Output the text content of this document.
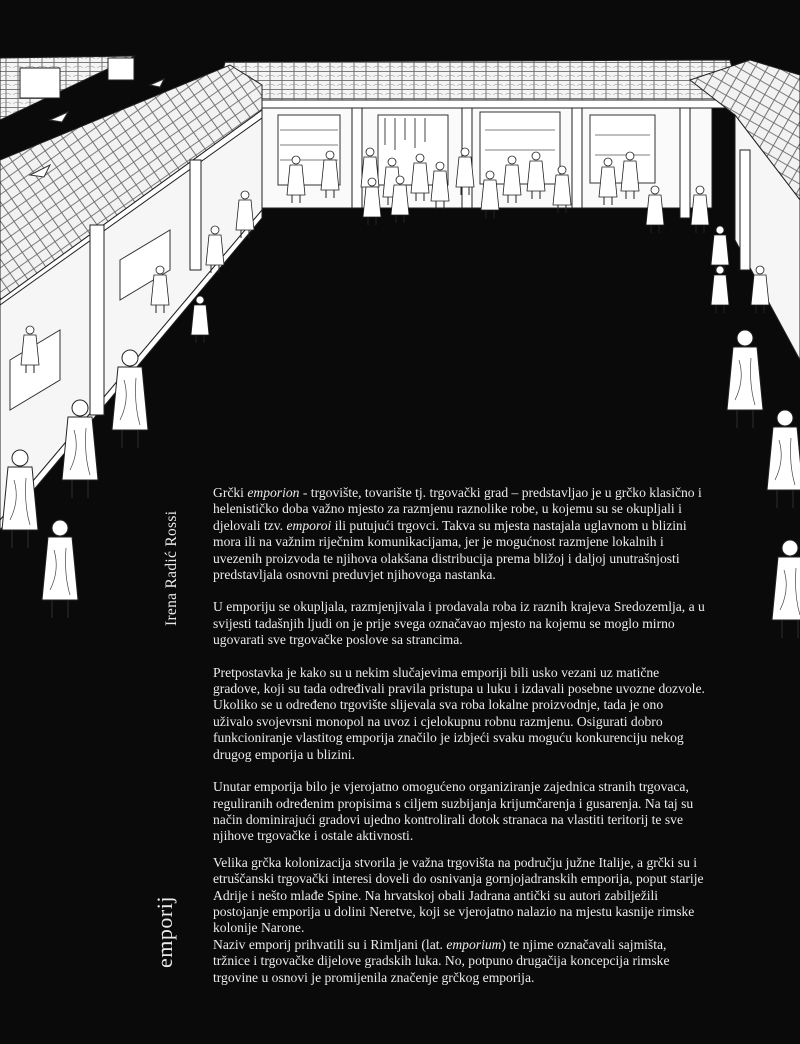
Irena Radić Rossi
emporij

Grčki emporion - trgovište, tovarište tj. trgovački grad – predstavljao je u grčko klasično i helenističko doba važno mjesto za razmjenu raznolike robe, u kojemu su se okupljali i djelovali tzv. emporoi ili putujući trgovci. Takva su mjesta nastajala uglavnom u blizini mora ili na važnim riječnim komunikacijama, jer je mogućnost razmjene lokalnih i uvezenih proizvoda te njihova olakšana distribucija prema bližoj i daljoj unutrašnjosti predstavljala osnovni preduvjet njihovoga nastanka.

U emporiju se okupljala, razmjenjivala i prodavala roba iz raznih krajeva Sredozemlja, a u svijesti tadašnjih ljudi on je prije svega označavao mjesto na kojemu se moglo mirno ugovarati sve trgovačke poslove sa strancima.

Pretpostavka je kako su u nekim slučajevima emporiji bili usko vezani uz matične gradove, koji su tada određivali pravila pristupa u luku i izdavali posebne uvozne dozvole. Ukoliko se u određeno trgovište slijevala sva roba lokalne proizvodnje, tada je ono uživalo svojevrsni monopol na uvoz i cjelokupnu robnu razmjenu. Osigurati dobro funkcioniranje vlastitog emporija značilo je izbjeći svaku moguću konkurenciju nekog drugog emporija u blizini.

Unutar emporija bilo je vjerojatno omogućeno organiziranje zajednica stranih trgovaca, reguliranih određenim propisima s ciljem suzbijanja krijumčarenja i gusarenja. Na taj su način dominirajući gradovi ujedno kontrolirali dotok stranaca na vlastiti teritorij te sve njihove trgovačke i ostale aktivnosti.

Velika grčka kolonizacija stvorila je važna trgovišta na području južne Italije, a grčki su i etruščanski trgovački interesi doveli do osnivanja gornjojadranskih emporija, poput starije Adrije i nešto mlađe Spine. Na hrvatskoj obali Jadrana antički su autori zabilježili postojanje emporija u dolini Neretve, koji se vjerojatno nalazio na mjestu kasnije rimske kolonije Narone.

Naziv emporij prihvatili su i Rimljani (lat. emporium) te njime označavali sajmišta, tržnice i trgovačke dijelove gradskih luka. No, potpuno drugačija koncepcija rimske trgovine u osnovi je promijenila značenje grčkog emporija.
